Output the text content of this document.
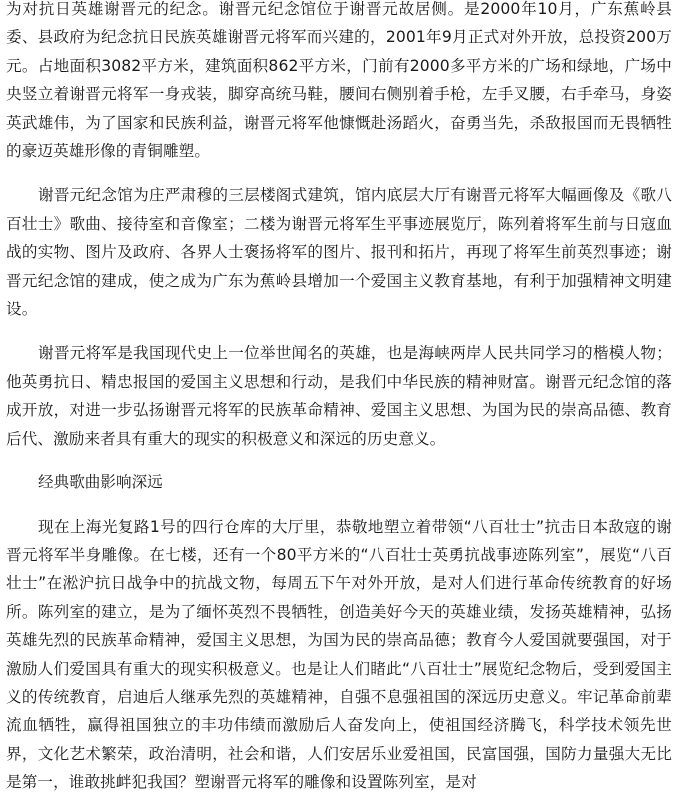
为对抗日英雄谢晋元的纪念。谢晋元纪念馆位于谢晋元故居侧。是2000年10月，广东蕉岭县委、县政府为纪念抗日民族英雄谢晋元将军而兴建的，2001年9月正式对外开放，总投资200万元。占地面积3082平方米，建筑面积862平方米，门前有2000多平方米的广场和绿地，广场中央竖立着谢晋元将军一身戎装，脚穿高统马鞋，腰间右侧别着手枪，左手叉腰，右手牵马，身姿英武雄伟，为了国家和民族利益，谢晋元将军他慷慨赴汤蹈火，奋勇当先，杀敌报国而无畏牺牲的豪迈英雄形像的青铜雕塑。

谢晋元纪念馆为庄严肃穆的三层楼阁式建筑，馆内底层大厅有谢晋元将军大幅画像及《歌八百壮士》歌曲、接待室和音像室；二楼为谢晋元将军生平事迹展览厅，陈列着将军生前与日寇血战的实物、图片及政府、各界人士褒扬将军的图片、报刊和拓片，再现了将军生前英烈事迹；谢晋元纪念馆的建成，使之成为广东为蕉岭县增加一个爱国主义教育基地，有利于加强精神文明建设。

谢晋元将军是我国现代史上一位举世闻名的英雄，也是海峡两岸人民共同学习的楷模人物；他英勇抗日、精忠报国的爱国主义思想和行动，是我们中华民族的精神财富。谢晋元纪念馆的落成开放，对进一步弘扬谢晋元将军的民族革命精神、爱国主义思想、为国为民的崇高品德、教育后代、激励来者具有重大的现实的积极意义和深远的历史意义。

经典歌曲影响深远

现在上海光复路1号的四行仓库的大厅里，恭敬地塑立着带领“八百壮士”抗击日本敌寇的谢晋元将军半身雕像。在七楼，还有一个80平方米的“八百壮士英勇抗战事迹陈列室”，展览“八百壮士”在淞沪抗日战争中的抗战文物，每周五下午对外开放，是对人们进行革命传统教育的好场所。陈列室的建立，是为了缅怀英烈不畏牺牲，创造美好今天的英雄业绩，发扬英雄精神，弘扬英雄先烈的民族革命精神，爱国主义思想，为国为民的崇高品德；教育今人爱国就要强国，对于激励人们爱国具有重大的现实积极意义。也是让人们睹此“八百壮士”展览纪念物后，受到爱国主义的传统教育，启迪后人继承先烈的英雄精神，自强不息强祖国的深远历史意义。牢记革命前辈流血牺牲，赢得祖国独立的丰功伟绩而激励后人奋发向上，使祖国经济腾飞，科学技术领先世界，文化艺术繁荣，政治清明，社会和谐，人们安居乐业爱祖国，民富国强，国防力量强大无比是第一，谁敢挑衅犯我国？塑谢晋元将军的雕像和设置陈列室，是对
